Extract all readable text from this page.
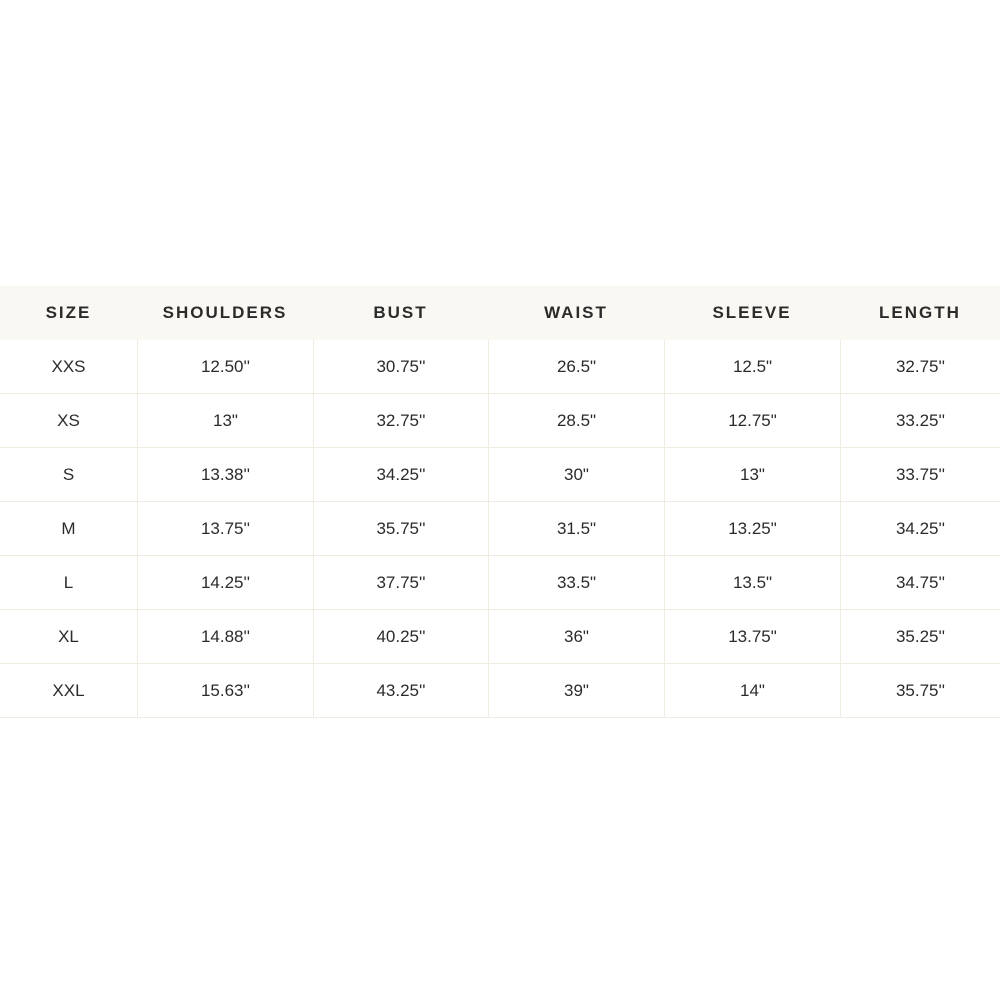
SIZE	SHOULDERS	BUST	WAIST	SLEEVE	LENGTH
XXS	12.50''	30.75''	26.5"	12.5"	32.75''
XS	13"	32.75''	28.5"	12.75"	33.25''
S	13.38''	34.25''	30"	13"	33.75''
M	13.75''	35.75''	31.5"	13.25"	34.25''
L	14.25''	37.75''	33.5"	13.5"	34.75''
XL	14.88''	40.25''	36"	13.75"	35.25''
XXL	15.63''	43.25''	39"	14"	35.75''
